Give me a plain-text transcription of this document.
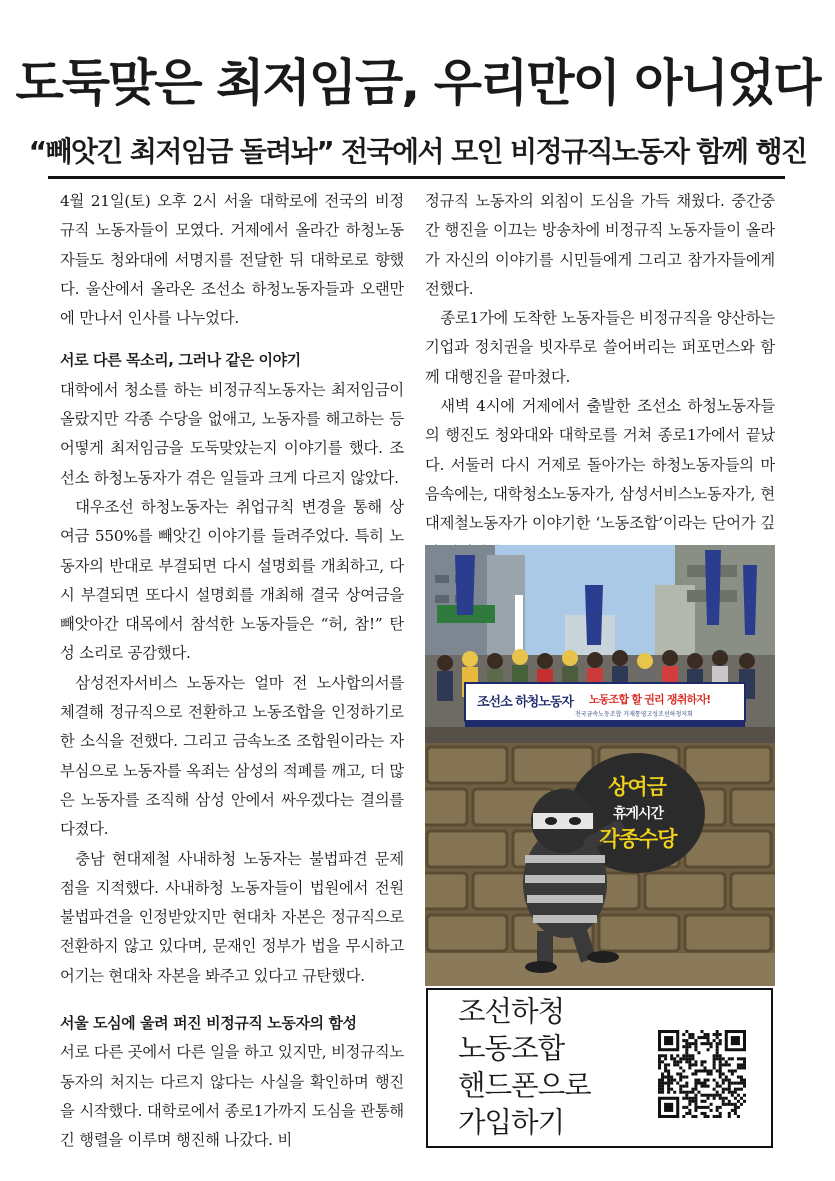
도둑맞은 최저임금, 우리만이 아니었다
“빼앗긴 최저임금 돌려놔” 전국에서 모인 비정규직노동자 함께 행진

4월 21일(토) 오후 2시 서울 대학로에 전국의 비정규직 노동자들이 모였다. 거제에서 올라간 하청노동자들도 청와대에 서명지를 전달한 뒤 대학로로 향했다. 울산에서 올라온 조선소 하청노동자들과 오랜만에 만나서 인사를 나누었다.

서로 다른 목소리, 그러나 같은 이야기

대학에서 청소를 하는 비정규직노동자는 최저임금이 올랐지만 각종 수당을 없애고, 노동자를 해고하는 등 어떻게 최저임금을 도둑맞았는지 이야기를 했다. 조선소 하청노동자가 겪은 일들과 크게 다르지 않았다.

대우조선 하청노동자는 취업규칙 변경을 통해 상여금 550%를 빼앗긴 이야기를 들려주었다. 특히 노동자의 반대로 부결되면 다시 설명회를 개최하고, 다시 부결되면 또다시 설명회를 개최해 결국 상여금을 빼앗아간 대목에서 참석한 노동자들은 “허, 참!” 탄성 소리로 공감했다.

삼성전자서비스 노동자는 얼마 전 노사합의서를 체결해 정규직으로 전환하고 노동조합을 인정하기로 한 소식을 전했다. 그리고 금속노조 조합원이라는 자부심으로 노동자를 옥죄는 삼성의 적폐를 깨고, 더 많은 노동자를 조직해 삼성 안에서 싸우겠다는 결의를 다졌다.

충남 현대제철 사내하청 노동자는 불법파견 문제점을 지적했다. 사내하청 노동자들이 법원에서 전원 불법파견을 인정받았지만 현대차 자본은 정규직으로 전환하지 않고 있다며, 문재인 정부가 법을 무시하고 어기는 현대차 자본을 봐주고 있다고 규탄했다.

서울 도심에 울려 퍼진 비정규직 노동자의 함성

서로 다른 곳에서 다른 일을 하고 있지만, 비정규직노동자의 처지는 다르지 않다는 사실을 확인하며 행진을 시작했다. 대학로에서 종로1가까지 도심을 관통해 긴 행렬을 이루며 행진해 나갔다. 비

정규직 노동자의 외침이 도심을 가득 채웠다. 중간중간 행진을 이끄는 방송차에 비정규직 노동자들이 올라가 자신의 이야기를 시민들에게 그리고 참가자들에게 전했다.

종로1가에 도착한 노동자들은 비정규직을 양산하는 기업과 정치권을 빗자루로 쓸어버리는 퍼포먼스와 함께 대행진을 끝마쳤다.

새벽 4시에 거제에서 출발한 조선소 하청노동자들의 행진도 청와대와 대학로를 거쳐 종로1가에서 끝났다. 서둘러 다시 거제로 돌아가는 하청노동자들의 마음속에는, 대학청소노동자가, 삼성서비스노동자가, 현대제철노동자가 이야기한 ‘노동조합’이라는 단어가 깊

조선소 하청노동자	노동조합 할 권리 쟁취하자!
전국금속노동조합 거제통영고성조선하청지회
상여금
휴게시간
각종수당
조선하청
노동조합
핸드폰으로
가입하기
